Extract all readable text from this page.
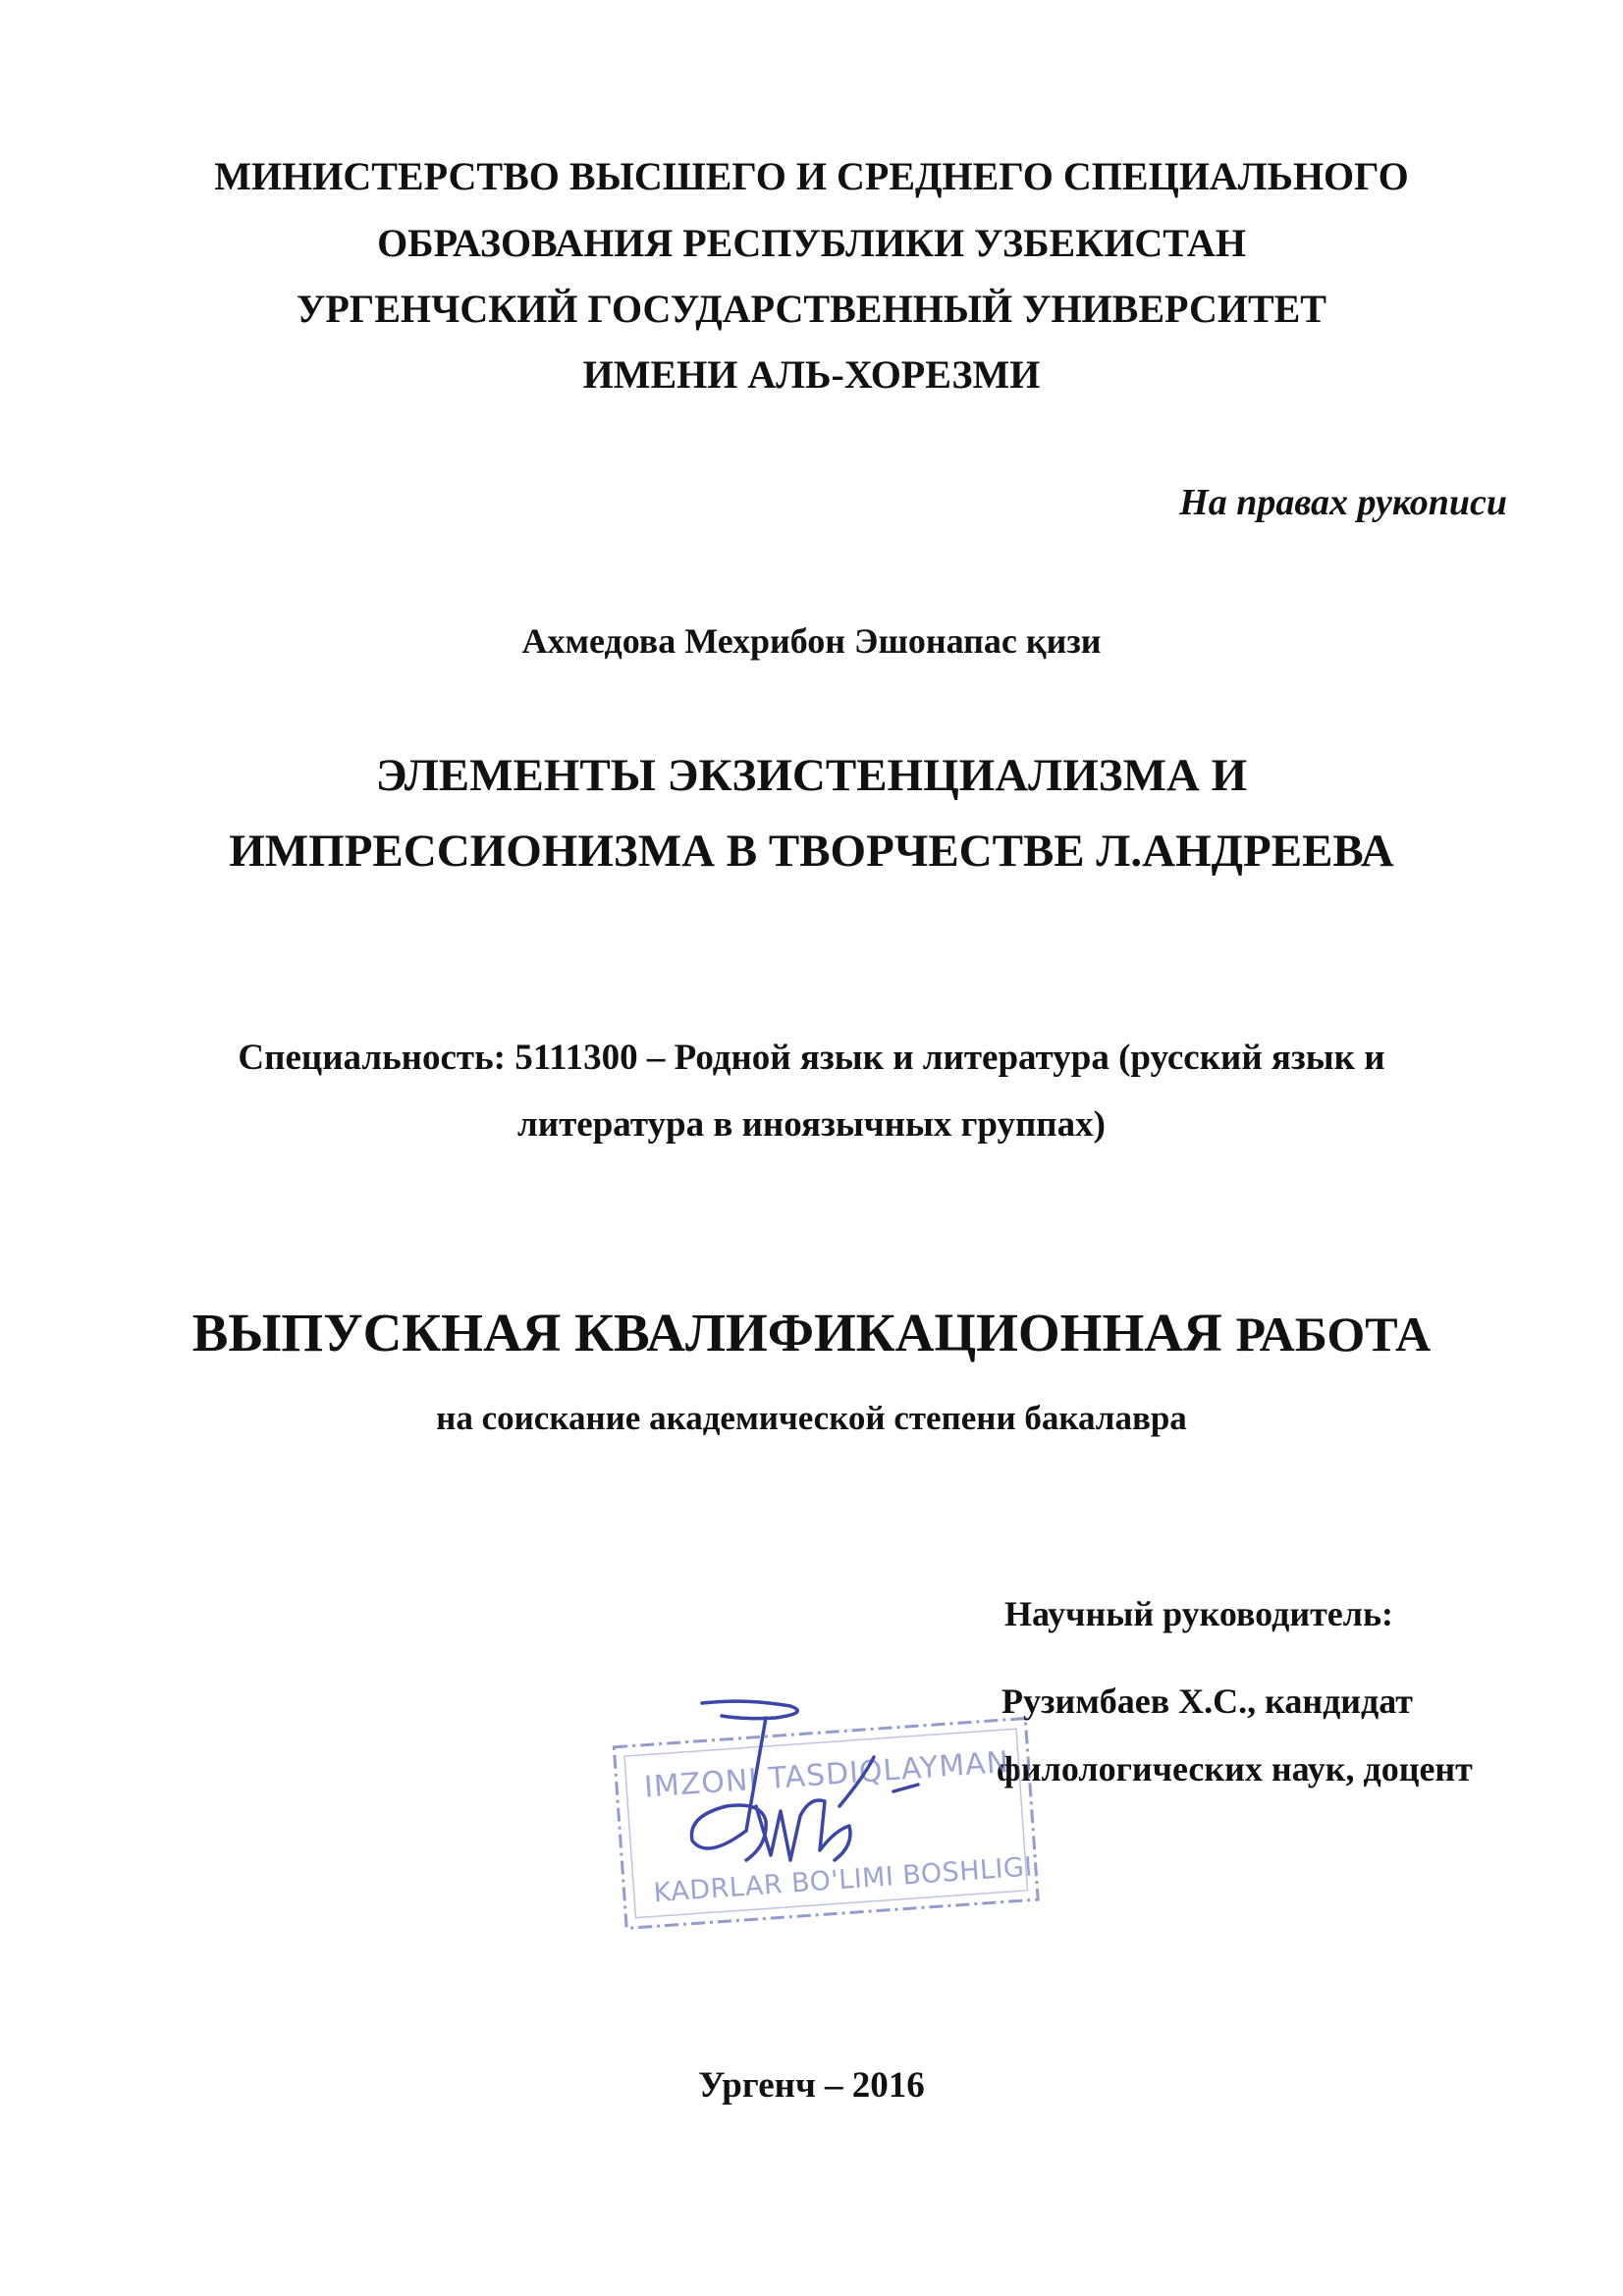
МИНИСТЕРСТВО ВЫСШЕГО И СРЕДНЕГО СПЕЦИАЛЬНОГО
ОБРАЗОВАНИЯ РЕСПУБЛИКИ УЗБЕКИСТАН
УРГЕНЧСКИЙ ГОСУДАРСТВЕННЫЙ УНИВЕРСИТЕТ
ИМЕНИ АЛЬ-ХОРЕЗМИ
На правах рукописи
Ахмедова Мехрибон Эшонапас қизи
ЭЛЕМЕНТЫ ЭКЗИСТЕНЦИАЛИЗМА И
ИМПРЕССИОНИЗМА В ТВОРЧЕСТВЕ Л.АНДРЕЕВА
Специальность: 5111300 – Родной язык и литература (русский язык и
литература в иноязычных группах)
ВЫПУСКНАЯ КВАЛИФИКАЦИОННАЯ РАБОТА
на соискание академической степени бакалавра
Научный руководитель:
Рузимбаев Х.С., кандидат
филологических наук, доцент
IMZONI TASDIQLAYMAN
KADRLAR BO'LIMI BOSHLIGI
Ургенч – 2016
